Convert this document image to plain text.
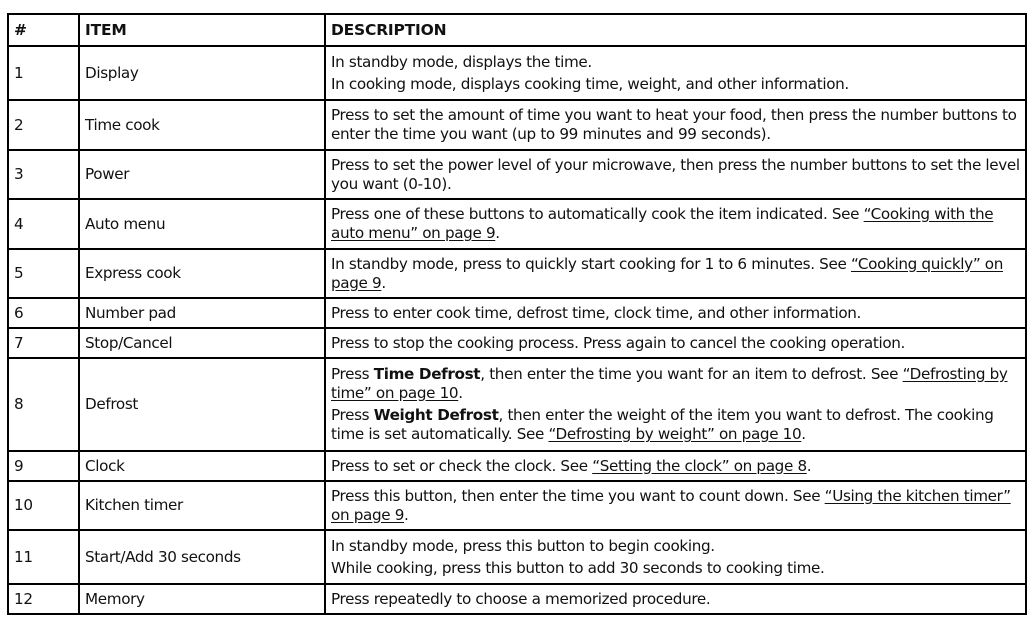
#	ITEM	DESCRIPTION
1	Display	In standby mode, displays the time.
In cooking mode, displays cooking time, weight, and other information.

2	Time cook	Press to set the amount of time you want to heat your food, then press the number buttons to enter the time you want (up to 99 minutes and 99 seconds).

3	Power	Press to set the power level of your microwave, then press the number buttons to set the level you want (0-10).

4	Auto menu	Press one of these buttons to automatically cook the item indicated. See “Cooking with the auto menu” on page 9.

5	Express cook	In standby mode, press to quickly start cooking for 1 to 6 minutes. See “Cooking quickly” on page 9.

6	Number pad	Press to enter cook time, defrost time, clock time, and other information.

7	Stop/Cancel	Press to stop the cooking process. Press again to cancel the cooking operation.

8	Defrost	Press Time Defrost, then enter the time you want for an item to defrost. See “Defrosting by time” on page 10.
Press Weight Defrost, then enter the weight of the item you want to defrost. The cooking time is set automatically. See “Defrosting by weight” on page 10.

9	Clock	Press to set or check the clock. See “Setting the clock” on page 8.

10	Kitchen timer	Press this button, then enter the time you want to count down. See “Using the kitchen timer” on page 9.

11	Start/Add 30 seconds	In standby mode, press this button to begin cooking.
While cooking, press this button to add 30 seconds to cooking time.

12	Memory	Press repeatedly to choose a memorized procedure.
